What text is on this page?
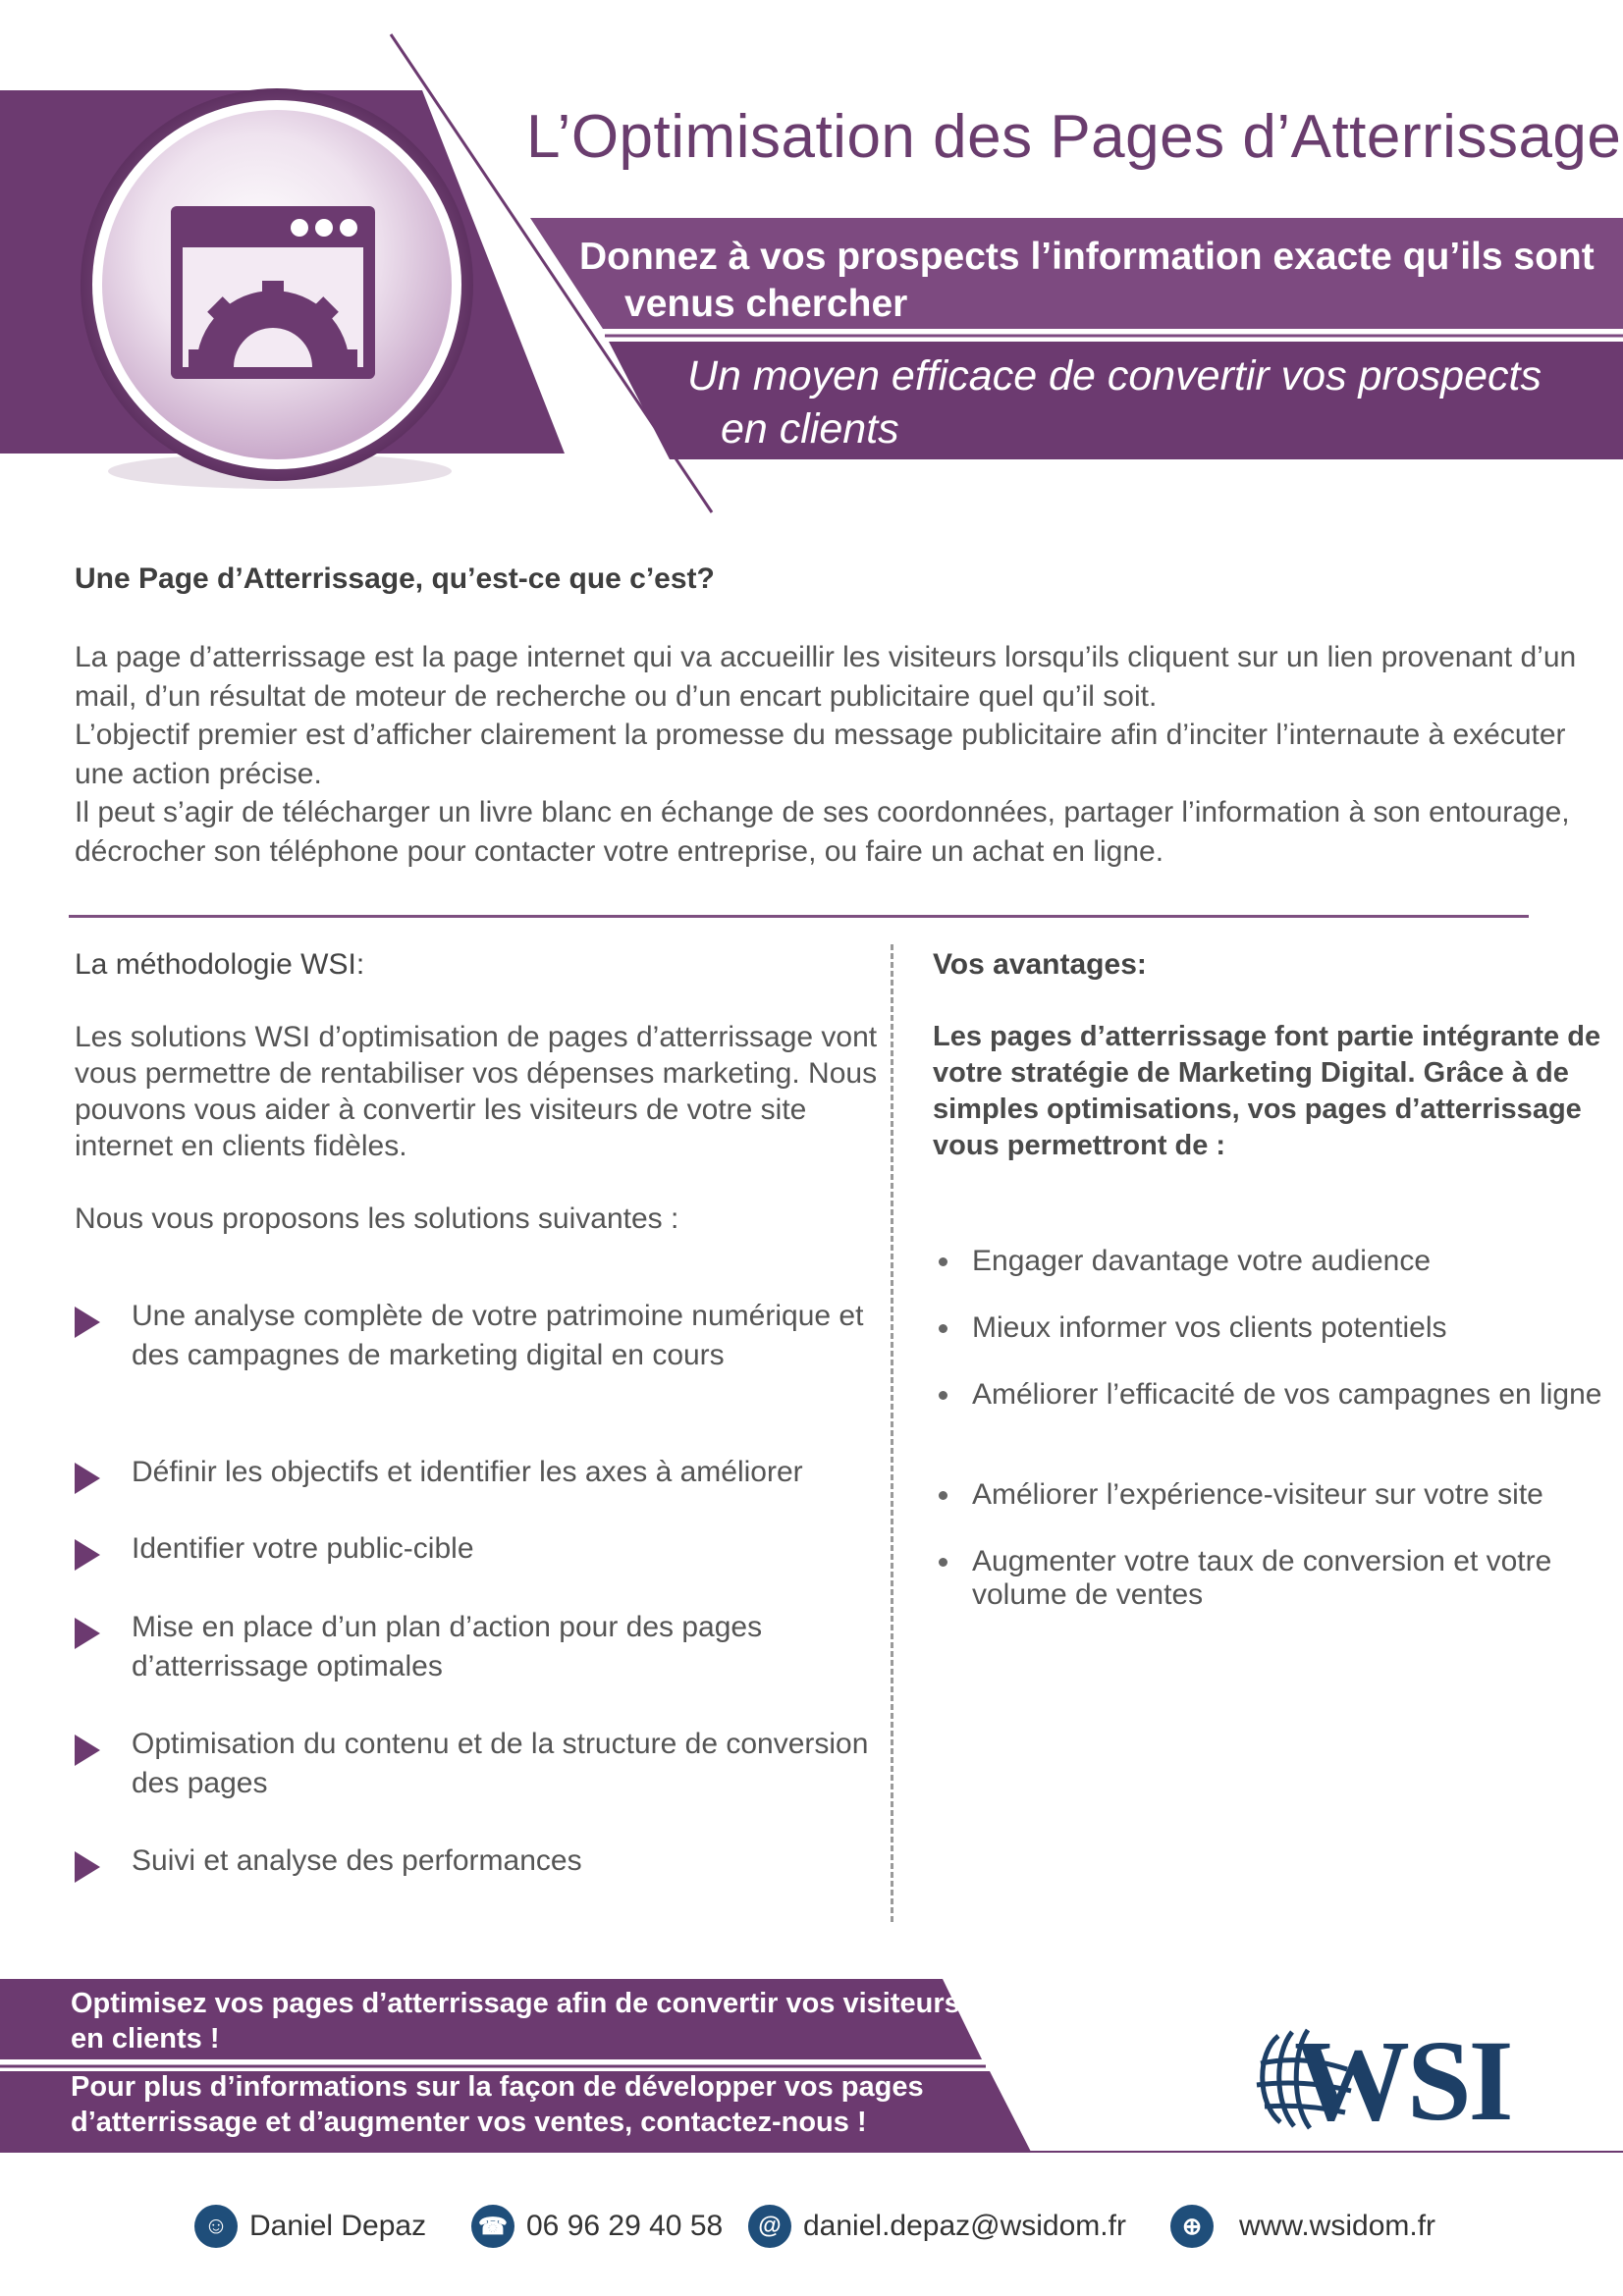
L’Optimisation des Pages d’Atterrissage
Donnez à vos prospects l’information exacte qu’ils sont
venus chercher
Un moyen efficace de convertir vos prospects
en clients
Une Page d’Atterrissage, qu’est-ce que c’est?

La page d’atterrissage est la page internet qui va accueillir les visiteurs lorsqu’ils cliquent sur un lien provenant d’un mail, d’un résultat de moteur de recherche ou d’un encart publicitaire quel qu’il soit.

L’objectif premier est d’afficher clairement la promesse du message publicitaire afin d’inciter l’internaute à exécuter une action précise.

Il peut s’agir de télécharger un livre blanc en échange de ses coordonnées, partager l’information à son entourage, décrocher son téléphone pour contacter votre entreprise, ou faire un achat en ligne.

La méthodologie WSI:

Les solutions WSI d’optimisation de pages d’atterrissage vont vous permettre de rentabiliser vos dépenses marketing. Nous pouvons vous aider à convertir les visiteurs de votre site internet en clients fidèles.
Nous vous proposons les solutions suivantes :
Une analyse complète de votre patrimoine numérique et des campagnes de marketing digital en cours
Définir les objectifs et identifier les axes à améliorer
Identifier votre public-cible
Mise en place d’un plan d’action pour des pages d’atterrissage optimales
Optimisation du contenu et de la structure de conversion des pages
Suivi et analyse des performances

Vos avantages:

Les pages d’atterrissage font partie intégrante de votre stratégie de Marketing Digital. Grâce à de simples optimisations, vos pages d’atterrissage vous permettront de :
Engager davantage votre audience
Mieux informer vos clients potentiels
Améliorer l’efficacité de vos campagnes en ligne
Améliorer l’expérience-visiteur sur votre site
Augmenter votre taux de conversion et votre volume de ventes
Optimisez vos pages d’atterrissage afin de convertir vos visiteurs en clients !
Pour plus d’informations sur la façon de développer vos pages d’atterrissage et d’augmenter vos ventes, contactez-nous !	WSI
☺ Daniel Depaz ☎ 06 96 29 40 58	@ daniel.depaz@wsidom.fr	⊕	www.wsidom.fr
